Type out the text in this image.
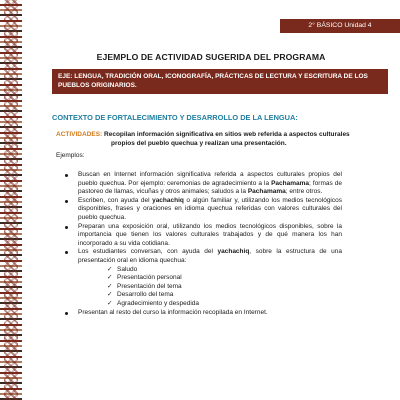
2° BÁSICO Unidad 4
EJEMPLO DE ACTIVIDAD SUGERIDA DEL PROGRAMA
EJE: LENGUA, TRADICIÓN ORAL, ICONOGRAFÍA, PRÁCTICAS DE LECTURA Y ESCRITURA DE LOS PUEBLOS ORIGINARIOS.
CONTEXTO DE FORTALECIMIENTO Y DESARROLLO DE LA LENGUA:
ACTIVIDADES: Recopilan información significativa en sitios web referida a aspectos culturales propios del pueblo quechua y realizan una presentación.
Ejemplos:
Buscan en Internet información significativa referida a aspectos culturales propios del pueblo quechua. Por ejemplo: ceremonias de agradecimiento a la Pachamama; formas de pastoreo de llamas, vicuñas y otros animales; saludos a la Pachamama; entre otros.
Escriben, con ayuda del yachachiq o algún familiar y, utilizando los medios tecnológicos disponibles, frases y oraciones en idioma quechua referidas con valores culturales del pueblo quechua.
Preparan una exposición oral, utilizando los medios tecnológicos disponibles, sobre la importancia que tienen los valores culturales trabajados y de qué manera los han incorporado a su vida cotidiana.
Los estudiantes conversan, con ayuda del yachachiq, sobre la estructura de una presentación oral en idioma quechua:
✓ Saludo
✓ Presentación personal
✓ Presentación del tema
✓ Desarrollo del tema
✓ Agradecimiento y despedida
Presentan al resto del curso la información recopilada en Internet.
